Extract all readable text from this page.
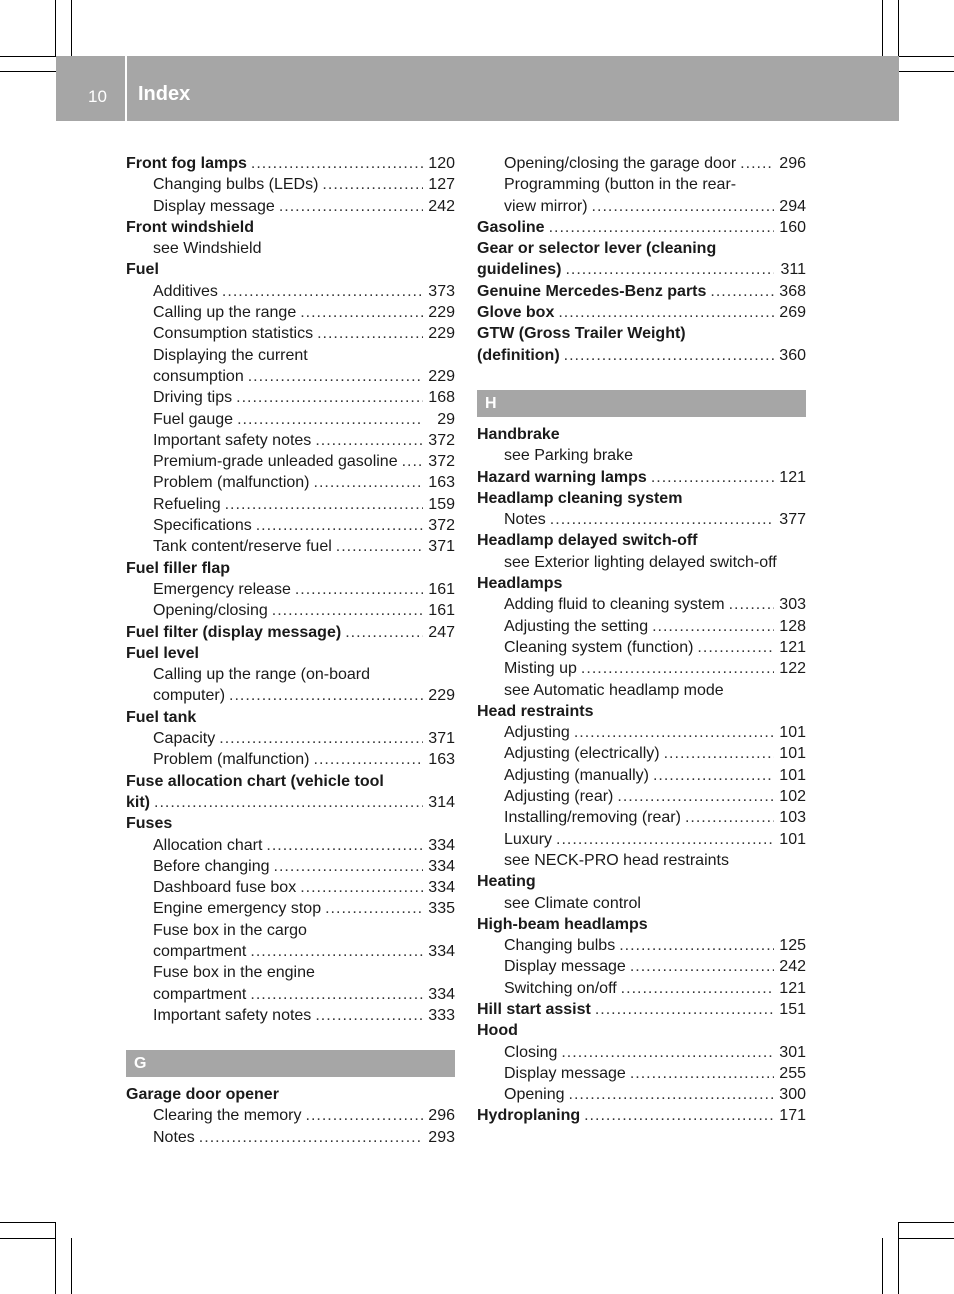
10	Index
Front fog lamps .....	120
Changing bulbs (LEDs) .....	127
Display message .....	242
Front windshield
see Windshield
Fuel
Additives .....	373
Calling up the range .....	229
Consumption statistics .....	229
Displaying the current
consumption .....	229
Driving tips .....	168
Fuel gauge .....	29
Important safety notes .....	372
Premium-grade unleaded gasoline ..... 372
Problem (malfunction) .....	163
Refueling .....	159
Specifications .....	372
Tank content/reserve fuel .....	371
Fuel filler flap
Emergency release .....	161
Opening/closing .....	161
Fuel filter (display message) .....	247
Fuel level
Calling up the range (on-board
computer) .....	229
Fuel tank
Capacity .....	371
Problem (malfunction) .....	163
Fuse allocation chart (vehicle tool
kit) .....	314
Fuses
Allocation chart .....	334
Before changing .....	334
Dashboard fuse box .....	334
Engine emergency stop .....	335
Fuse box in the cargo
compartment .....	334
Fuse box in the engine
compartment .....	334
Important safety notes .....	333
G
Garage door opener
Clearing the memory .....	296
Notes .....	293
Opening/closing the garage door .....	296
Programming (button in the rear-
view mirror) .....	294
Gasoline .....	160
Gear or selector lever (cleaning
guidelines) .....	311
Genuine Mercedes-Benz parts .....	368
Glove box .....	269
GTW (Gross Trailer Weight)
(definition) .....	360
H
Handbrake
see Parking brake
Hazard warning lamps .....	121
Headlamp cleaning system
Notes .....	377
Headlamp delayed switch-off
see Exterior lighting delayed switch-off
Headlamps
Adding fluid to cleaning system .....	303
Adjusting the setting .....	128
Cleaning system (function) .....	121
Misting up .....	122
see Automatic headlamp mode
Head restraints
Adjusting .....	101
Adjusting (electrically) .....	101
Adjusting (manually) .....	101
Adjusting (rear) .....	102
Installing/removing (rear) .....	103
Luxury .....	101
see NECK-PRO head restraints
Heating
see Climate control
High-beam headlamps
Changing bulbs .....	125
Display message .....	242
Switching on/off .....	121
Hill start assist .....	151
Hood
Closing .....	301
Display message .....	255
Opening .....	300
Hydroplaning .....	171
